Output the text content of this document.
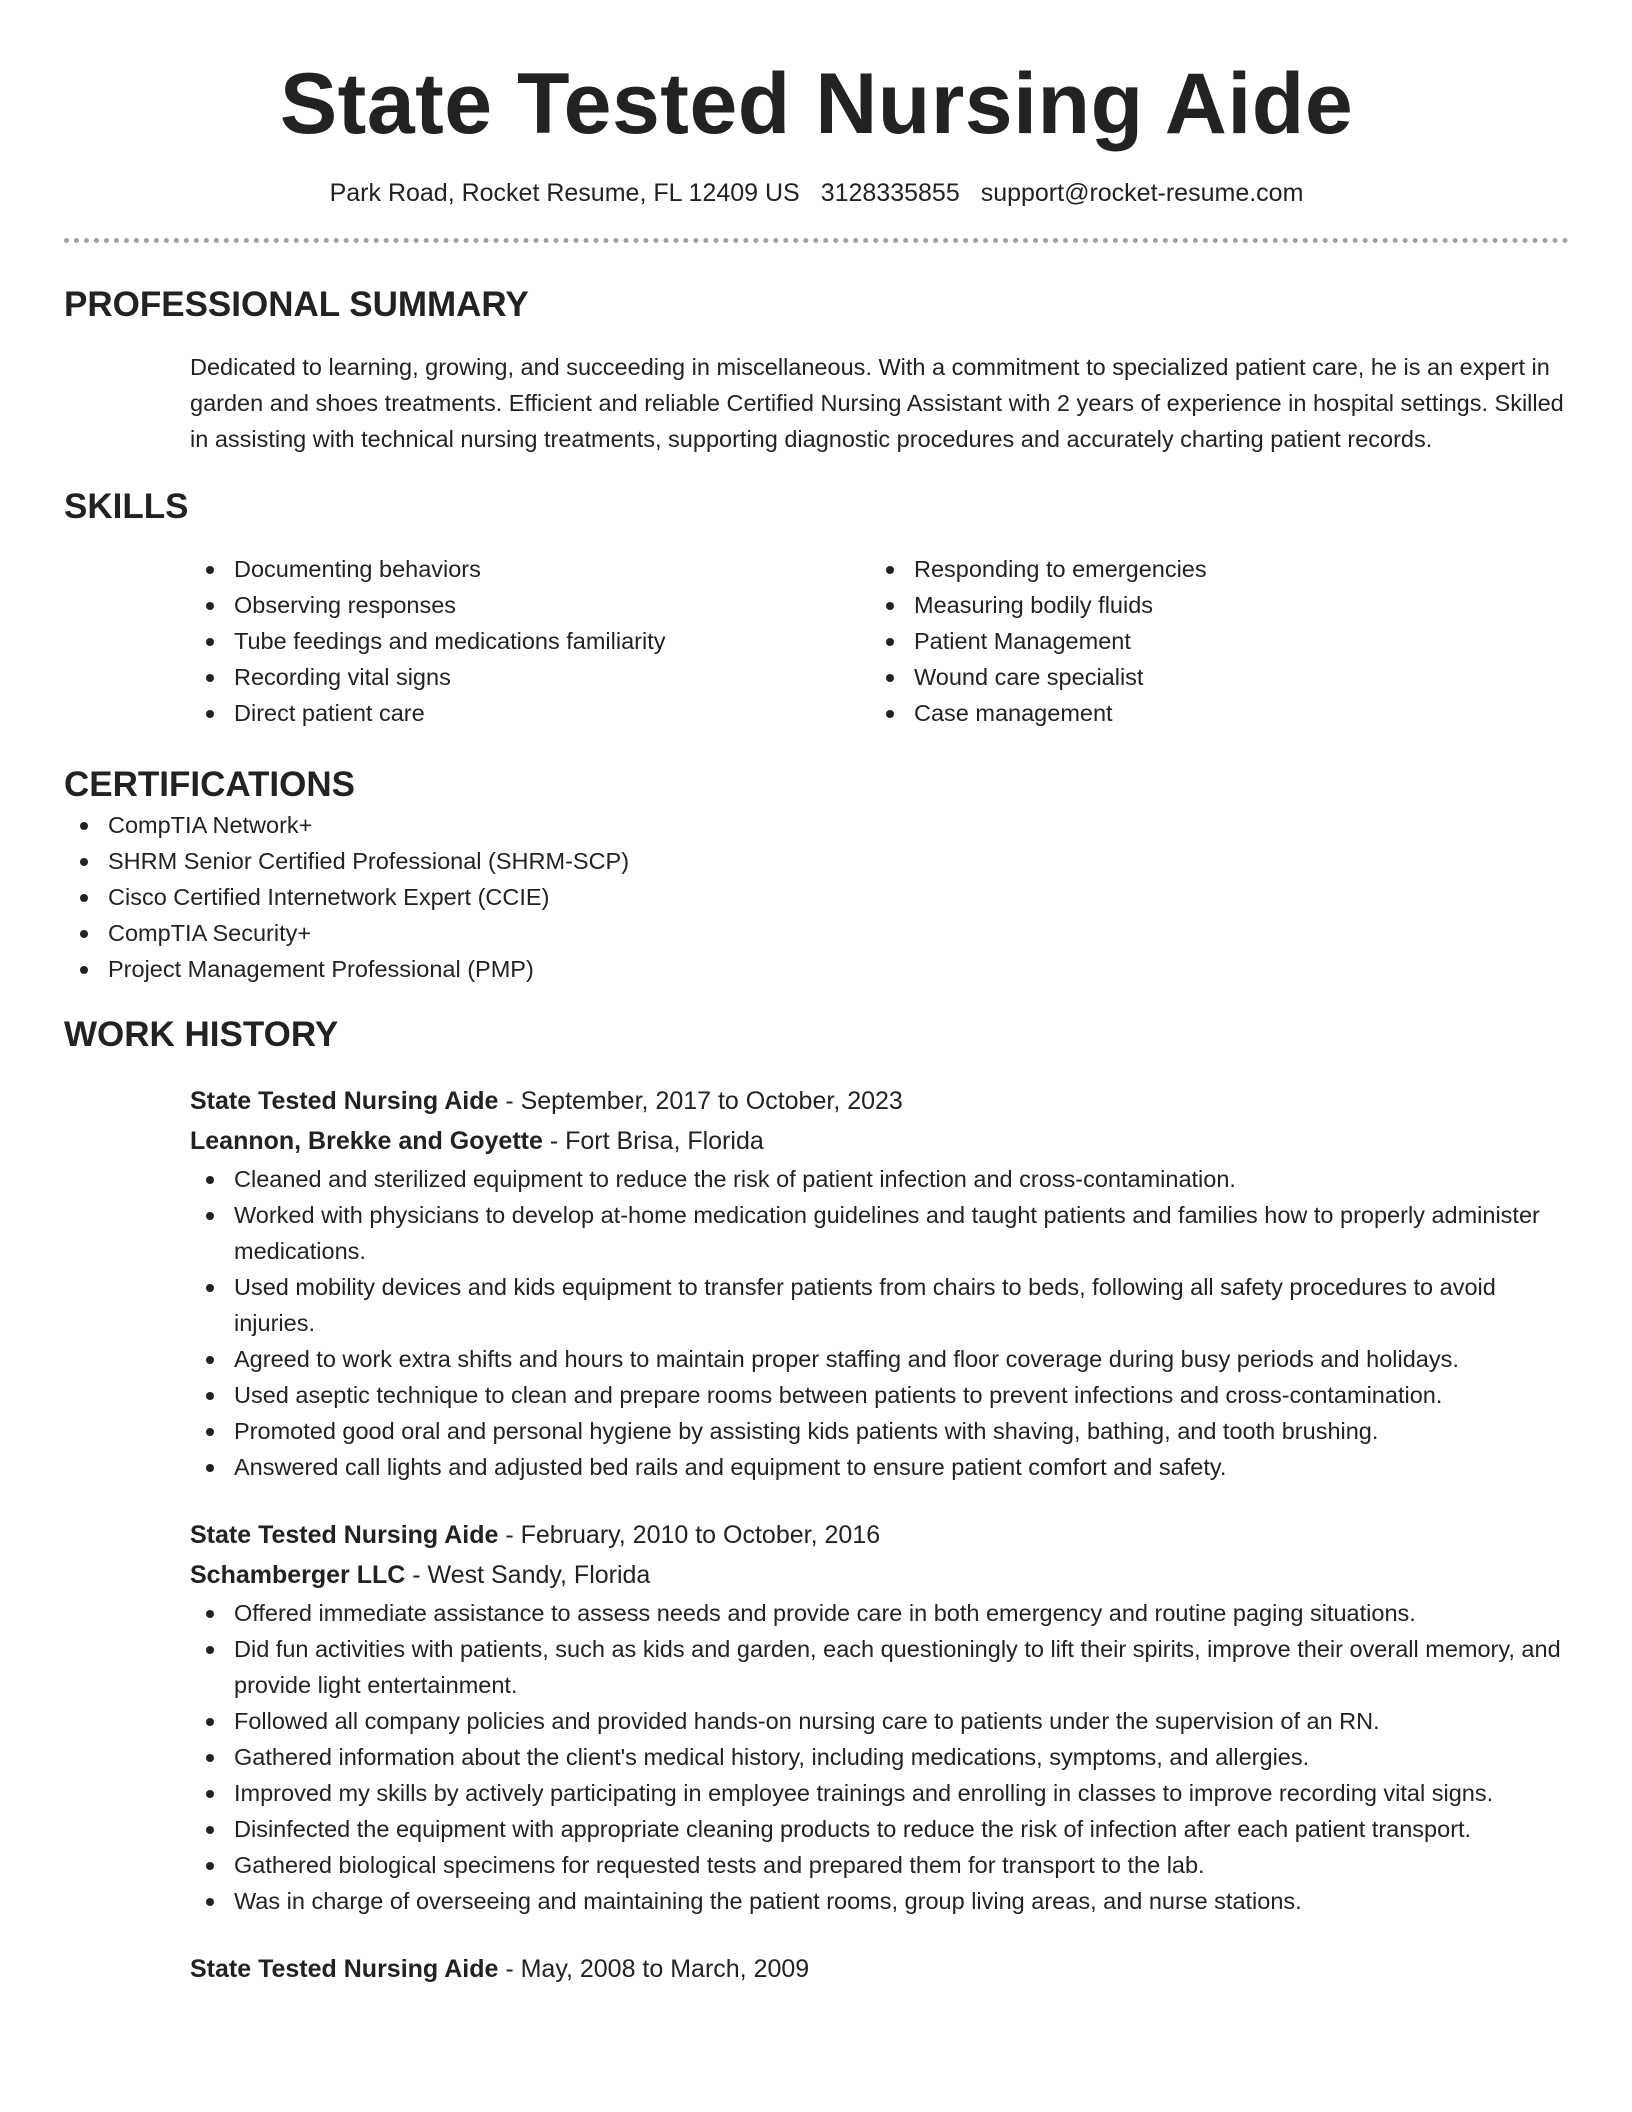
State Tested Nursing Aide
Park Road, Rocket Resume, FL 12409 US 3128335855 support@rocket-resume.com
PROFESSIONAL SUMMARY
Dedicated to learning, growing, and succeeding in miscellaneous. With a commitment to specialized patient care, he is an expert in garden and shoes treatments. Efficient and reliable Certified Nursing Assistant with 2 years of experience in hospital settings. Skilled in assisting with technical nursing treatments, supporting diagnostic procedures and accurately charting patient records.
SKILLS
Documenting behaviors
Observing responses
Tube feedings and medications familiarity
Recording vital signs
Direct patient care
Responding to emergencies
Measuring bodily fluids
Patient Management
Wound care specialist
Case management
CERTIFICATIONS
CompTIA Network+
SHRM Senior Certified Professional (SHRM-SCP)
Cisco Certified Internetwork Expert (CCIE)
CompTIA Security+
Project Management Professional (PMP)
WORK HISTORY
State Tested Nursing Aide - September, 2017 to October, 2023
Leannon, Brekke and Goyette - Fort Brisa, Florida
Cleaned and sterilized equipment to reduce the risk of patient infection and cross-contamination.
Worked with physicians to develop at-home medication guidelines and taught patients and families how to properly administer medications.
Used mobility devices and kids equipment to transfer patients from chairs to beds, following all safety procedures to avoid injuries.
Agreed to work extra shifts and hours to maintain proper staffing and floor coverage during busy periods and holidays.
Used aseptic technique to clean and prepare rooms between patients to prevent infections and cross-contamination.
Promoted good oral and personal hygiene by assisting kids patients with shaving, bathing, and tooth brushing.
Answered call lights and adjusted bed rails and equipment to ensure patient comfort and safety.
State Tested Nursing Aide - February, 2010 to October, 2016
Schamberger LLC - West Sandy, Florida
Offered immediate assistance to assess needs and provide care in both emergency and routine paging situations.
Did fun activities with patients, such as kids and garden, each questioningly to lift their spirits, improve their overall memory, and provide light entertainment.
Followed all company policies and provided hands-on nursing care to patients under the supervision of an RN.
Gathered information about the client's medical history, including medications, symptoms, and allergies.
Improved my skills by actively participating in employee trainings and enrolling in classes to improve recording vital signs.
Disinfected the equipment with appropriate cleaning products to reduce the risk of infection after each patient transport.
Gathered biological specimens for requested tests and prepared them for transport to the lab.
Was in charge of overseeing and maintaining the patient rooms, group living areas, and nurse stations.
State Tested Nursing Aide - May, 2008 to March, 2009
